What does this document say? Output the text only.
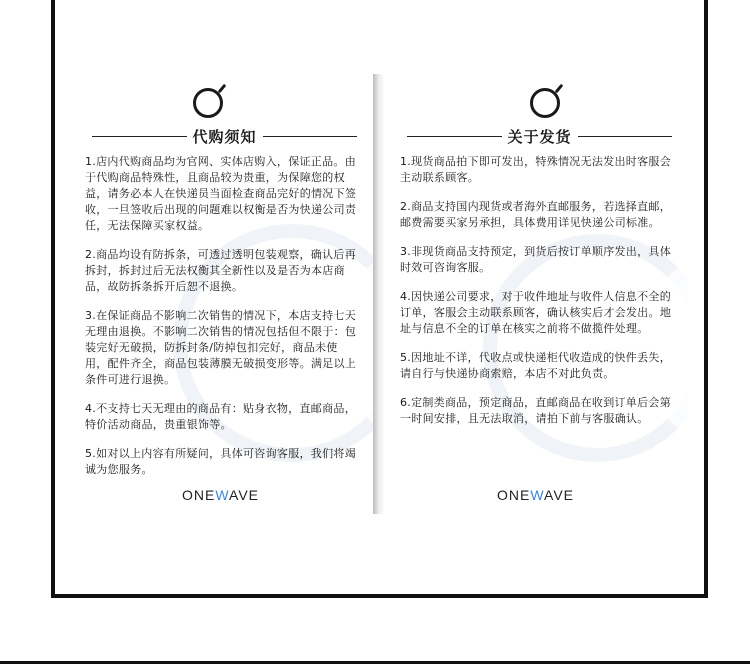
代购须知

1.店内代购商品均为官网、实体店购入，保证正品。由于代购商品特殊性，且商品较为贵重，为保障您的权益，请务必本人在快递员当面检查商品完好的情况下签收，一旦签收后出现的问题难以权衡是否为快递公司责任，无法保障买家权益。

2.商品均设有防拆条，可透过透明包装观察，确认后再拆封，拆封过后无法权衡其全新性以及是否为本店商品，故防拆条拆开后恕不退换。

3.在保证商品不影响二次销售的情况下，本店支持七天无理由退换。不影响二次销售的情况包括但不限于：包装完好无破损，防拆封条/防掉包扣完好，商品未使用，配件齐全，商品包装薄膜无破损变形等。满足以上条件可进行退换。

4.不支持七天无理由的商品有：贴身衣物，直邮商品，特价活动商品，贵重银饰等。

5.如对以上内容有所疑问，具体可咨询客服，我们将竭诚为您服务。

ONEWAVE
关于发货

1.现货商品拍下即可发出，特殊情况无法发出时客服会主动联系顾客。

2.商品支持国内现货或者海外直邮服务，若选择直邮，邮费需要买家另承担，具体费用详见快递公司标准。

3.非现货商品支持预定，到货后按订单顺序发出，具体时效可咨询客服。

4.因快递公司要求，对于收件地址与收件人信息不全的订单，客服会主动联系顾客，确认核实后才会发出。地址与信息不全的订单在核实之前将不做揽件处理。

5.因地址不详，代收点或快递柜代收造成的快件丢失，请自行与快递协商索赔，本店不对此负责。

6.定制类商品，预定商品，直邮商品在收到订单后会第一时间安排，且无法取消，请拍下前与客服确认。

ONEWAVE
